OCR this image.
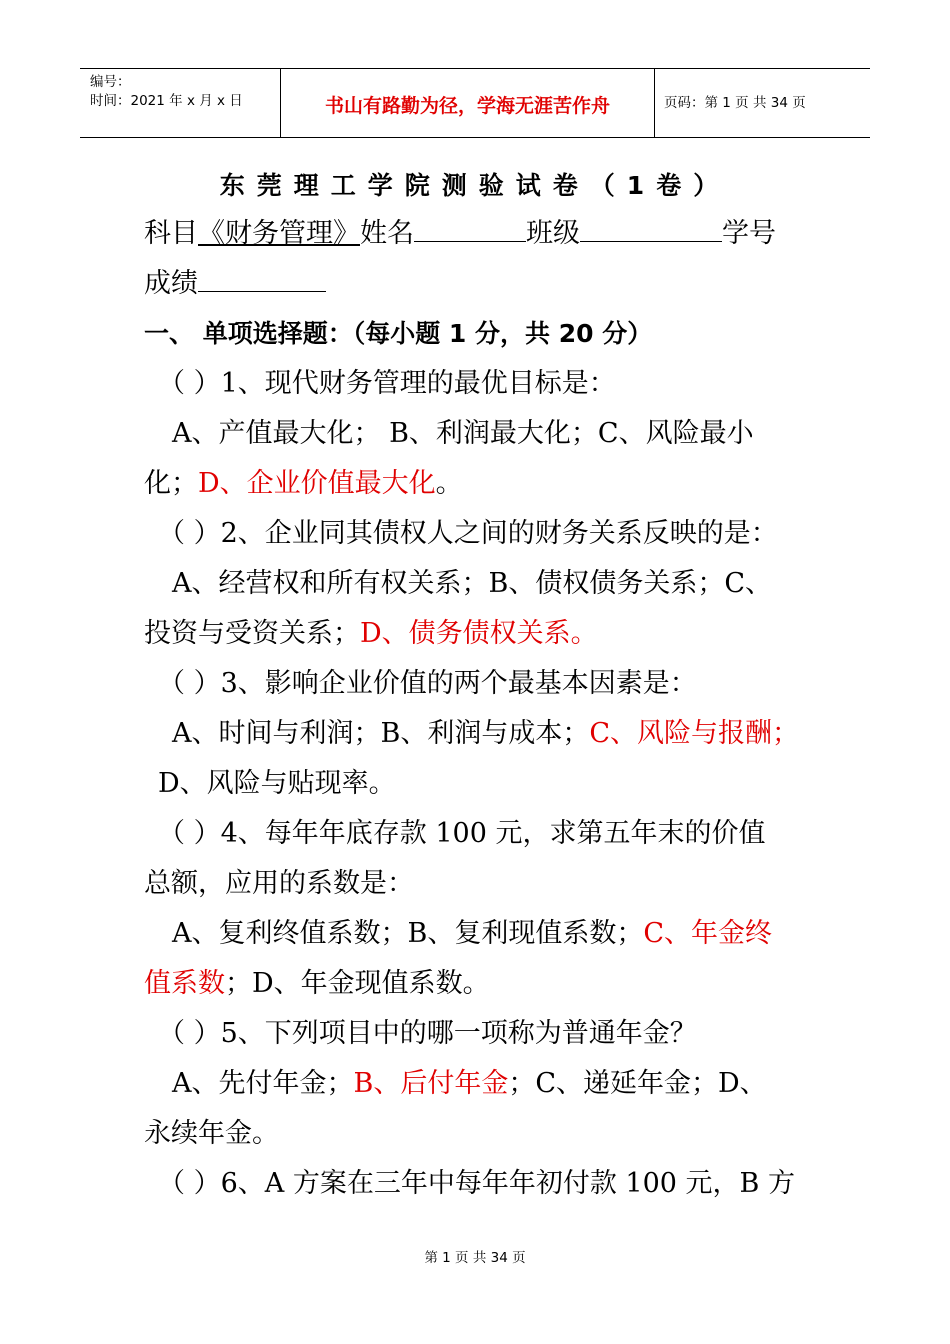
编号：
时间：2021 年 x 月 x 日	书山有路勤为径，学海无涯苦作舟	页码：第 1 页 共 34 页
东莞理工学院测验试卷（1卷）
科目《财务管理》姓名	班级	学号
成绩
一、 单项选择题：（每小题 1 分，共 20 分）
（ ）1、现代财务管理的最优目标是：
A、产值最大化； B、利润最大化；C、风险最小
化；D、企业价值最大化。
（ ）2、企业同其债权人之间的财务关系反映的是：
A、经营权和所有权关系；B、债权债务关系；C、
投资与受资关系；D、债务债权关系。
（ ）3、影响企业价值的两个最基本因素是：
A、时间与利润；B、利润与成本；C、风险与报酬；
D、风险与贴现率。
（ ）4、每年年底存款 100 元，求第五年末的价值
总额，应用的系数是：
A、复利终值系数；B、复利现值系数；C、年金终
值系数；D、年金现值系数。
（ ）5、下列项目中的哪一项称为普通年金？
A、先付年金；B、后付年金；C、递延年金；D、
永续年金。
（ ）6、A 方案在三年中每年年初付款 100 元，B 方
第 1 页 共 34 页
